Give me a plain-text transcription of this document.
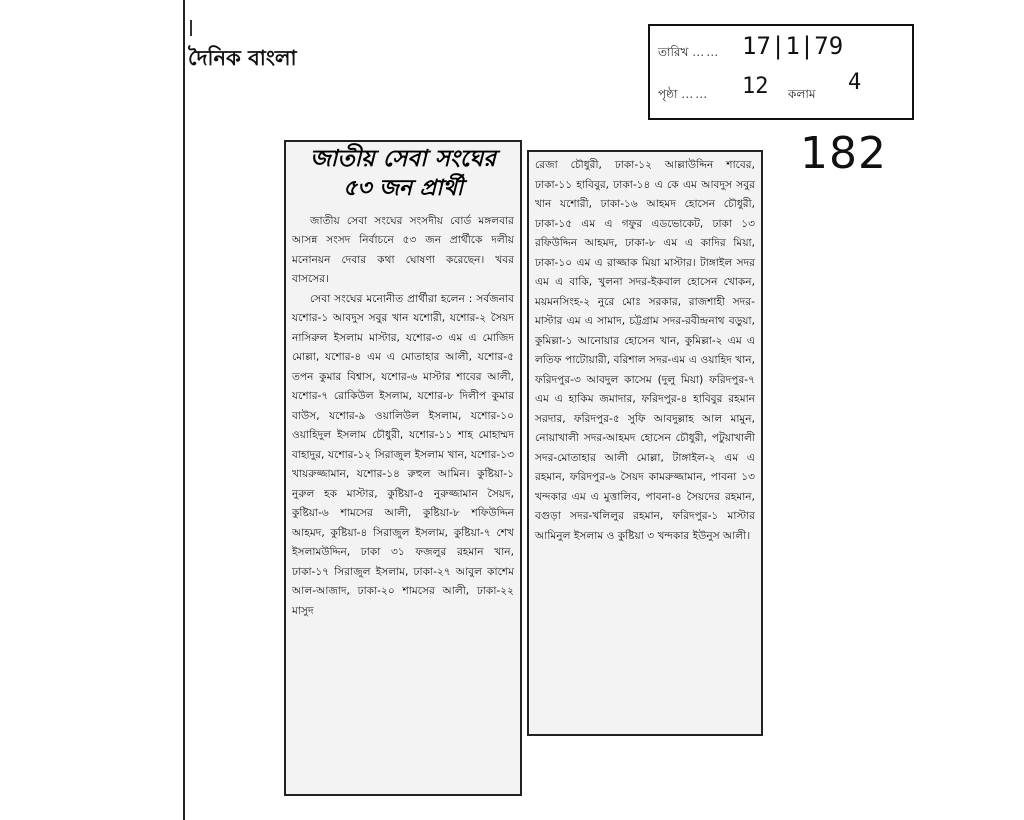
দৈনিক বাংলা	তারিখ …… 17|1|79
পৃষ্ঠা …… 12 কলাম 4
182
জাতীয় সেবা সংঘের
৫৩ জন প্রার্থী

জাতীয় সেবা সংঘের সংসদীয় বোর্ড মঙ্গলবার আসন্ন সংসদ নির্বাচনে ৫৩ জন প্রার্থীকে দলীয় মনোনয়ন দেবার কথা ঘোষণা করেছেন। খবর বাসসের।

সেবা সংঘের মনোনীত প্রার্থীরা হলেন : সর্বজনাব যশোর-১ আবদুস সবুর খান যশোরী, যশোর-২ সৈয়দ নাসিরুল ইসলাম মাস্টার, যশোর-৩ এম এ মোজিদ মোল্লা, যশোর-৪ এম এ মোতাহার আলী, যশোর-৫ তপন কুমার বিশ্বাস, যশোর-৬ মাস্টার শাবের আলী, যশোর-৭ রোকিউল ইসলাম, যশোর-৮ দিলীপ কুমার বাউস, যশোর-৯ ওয়ালিউল ইসলাম, যশোর-১০ ওয়াহিদুল ইসলাম চৌধুরী, যশোর-১১ শাহ মোহাম্মদ বাহাদুর, যশোর-১২ সিরাজুল ইসলাম খান, যশোর-১৩ খায়রুজ্জামান, যশোর-১৪ রুহুল আমিন। কুষ্টিয়া-১ নুরুল হক মাস্টার, কুষ্টিয়া-৫ নুরুজ্জামান সৈয়দ, কুষ্টিয়া-৬ শামসের আলী, কুষ্টিয়া-৮ শফিউদ্দিন আহমদ, কুষ্টিয়া-৪ সিরাজুল ইসলাম, কুষ্টিয়া-৭ শেখ ইসলামউদ্দিন, ঢাকা ৩১ ফজলুর রহমান খান, ঢাকা-১৭ সিরাজুল ইসলাম, ঢাকা-২৭ আবুল কাশেম আল-আজাদ, ঢাকা-২০ শামসের আলী, ঢাকা-২২ মাসুদ

রেজা চৌধুরী, ঢাকা-১২ আল্লাউদ্দিন শাবের, ঢাকা-১১ হাবিবুর, ঢাকা-১৪ এ কে এম আবদুস সবুর খান যশোরী, ঢাকা-১৬ আহমদ হোসেন চৌধুরী, ঢাকা-১৫ এম এ গফুর এডভোকেট, ঢাকা ১৩ রফিউদ্দিন আহমদ, ঢাকা-৮ এম এ কাদির মিয়া, ঢাকা-১০ এম এ রাজ্জাক মিয়া মাস্টার। টাঙ্গাইল সদর এম এ বাকি, খুলনা সদর-ইকবাল হোসেন খোকন, ময়মনসিংহ-২ নুরে মোঃ সরকার, রাজশাহী সদর-মাস্টার এম এ সামাদ, চট্টগ্রাম সদর-রবীন্দ্রনাথ বড়ুয়া, কুমিল্লা-১ আনোয়ার হোসেন খান, কুমিল্লা-২ এম এ লতিফ পাটোয়ারী, বরিশাল সদর-এম এ ওয়াহিদ খান, ফরিদপুর-৩ আবদুল কাসেম (দুলু মিয়া) ফরিদপুর-৭ এম এ হাকিম জমাদার, ফরিদপুর-৪ হাবিবুর রহমান সরদার, ফরিদপুর-৫ সুফি আবদুল্লাহ আল মামুন, নোয়াখালী সদর-আহমদ হোসেন চৌধুরী, পটুয়াখালী সদর-মোতাহার আলী মোল্লা, টাঙ্গাইল-২ এম এ রহমান, ফরিদপুর-৬ সৈয়দ কামরুজ্জামান, পাবনা ১৩ খন্দকার এম এ মুত্তালিব, পাবনা-৪ সৈয়দের রহমান, বগুড়া সদর-খলিলুর রহমান, ফরিদপুর-১ মাস্টার আমিনুল ইসলাম ও কুষ্টিয়া ৩ খন্দকার ইউনুস আলী।
